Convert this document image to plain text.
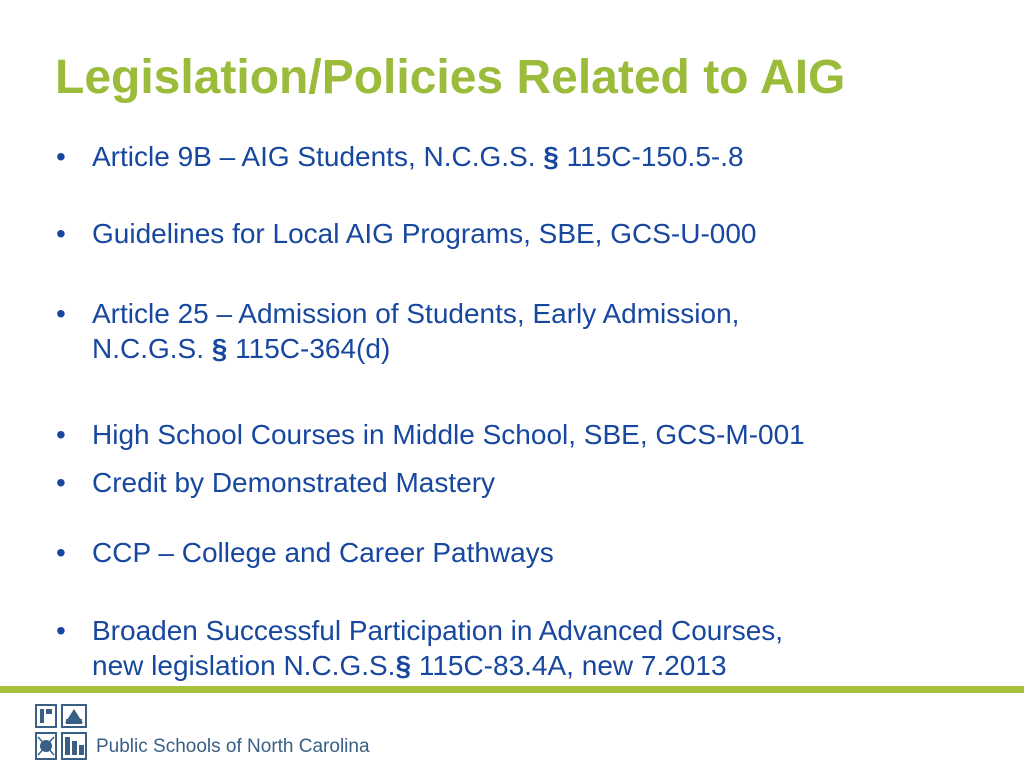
Legislation/Policies Related to AIG
• Article 9B – AIG Students, N.C.G.S. § 115C-150.5-.8
• Guidelines for Local AIG Programs, SBE, GCS-U-000
• Article 25 – Admission of Students, Early Admission,
N.C.G.S. § 115C-364(d)
• High School Courses in Middle School, SBE, GCS-M-001
• Credit by Demonstrated Mastery
• CCP – College and Career Pathways
• Broaden Successful Participation in Advanced Courses,
new legislation N.C.G.S.§ 115C-83.4A, new 7.2013
Public Schools of North Carolina
